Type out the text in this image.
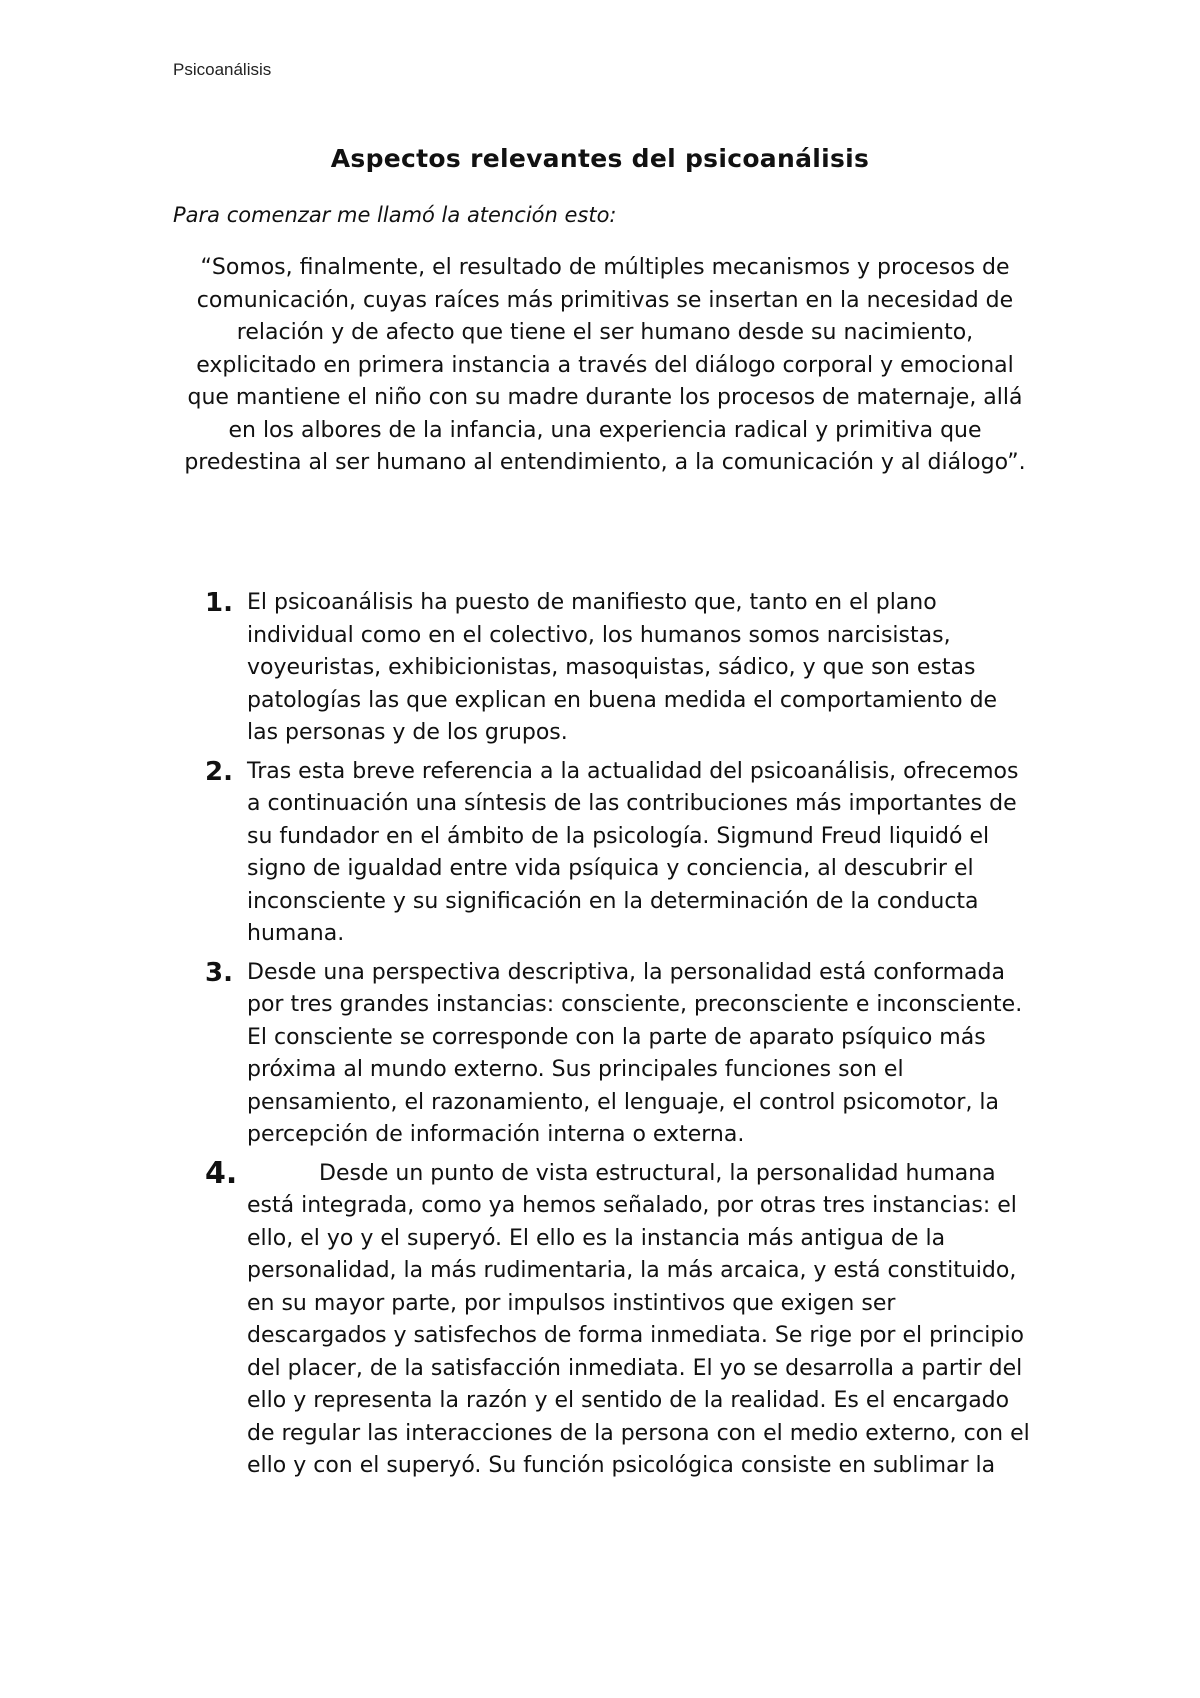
Psicoanálisis
Aspectos relevantes del psicoanálisis

Para comenzar me llamó la atención esto:

“Somos, finalmente, el resultado de múltiples mecanismos y procesos de comunicación, cuyas raíces más primitivas se insertan en la necesidad de relación y de afecto que tiene el ser humano desde su nacimiento, explicitado en primera instancia a través del diálogo corporal y emocional que mantiene el niño con su madre durante los procesos de maternaje, allá en los albores de la infancia, una experiencia radical y primitiva que predestina al ser humano al entendimiento, a la comunicación y al diálogo”.

1. El psicoanálisis ha puesto de manifiesto que, tanto en el plano individual como en el colectivo, los humanos somos narcisistas, voyeuristas, exhibicionistas, masoquistas, sádico, y que son estas patologías las que explican en buena medida el comportamiento de las personas y de los grupos.
2. Tras esta breve referencia a la actualidad del psicoanálisis, ofrecemos a continuación una síntesis de las contribuciones más importantes de su fundador en el ámbito de la psicología. Sigmund Freud liquidó el signo de igualdad entre vida psíquica y conciencia, al descubrir el inconsciente y su significación en la determinación de la conducta humana.
3. Desde una perspectiva descriptiva, la personalidad está conformada por tres grandes instancias: consciente, preconsciente e inconsciente. El consciente se corresponde con la parte de aparato psíquico más próxima al mundo externo. Sus principales funciones son el pensamiento, el razonamiento, el lenguaje, el control psicomotor, la percepción de información interna o externa.
4.	Desde un punto de vista estructural, la personalidad humana está integrada, como ya hemos señalado, por otras tres instancias: el ello, el yo y el superyó. El ello es la instancia más antigua de la personalidad, la más rudimentaria, la más arcaica, y está constituido, en su mayor parte, por impulsos instintivos que exigen ser descargados y satisfechos de forma inmediata. Se rige por el principio del placer, de la satisfacción inmediata. El yo se desarrolla a partir del ello y representa la razón y el sentido de la realidad. Es el encargado de regular las interacciones de la persona con el medio externo, con el ello y con el superyó. Su función psicológica consiste en sublimar la
